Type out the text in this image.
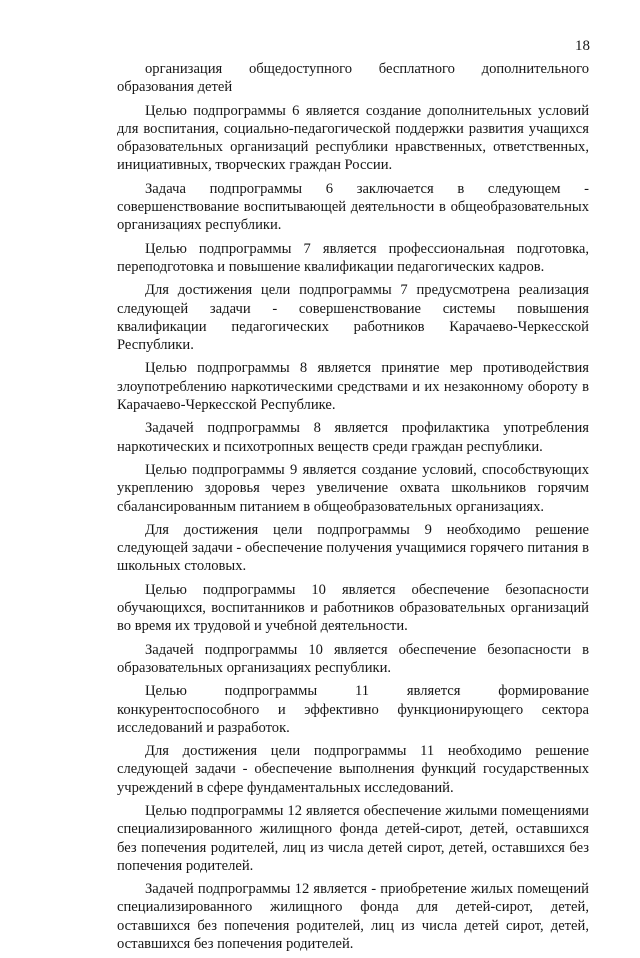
18

организация общедоступного бесплатного дополнительного образования детей

Целью подпрограммы 6 является создание дополнительных условий для воспитания, социально-педагогической поддержки развития учащихся образовательных организаций республики нравственных, ответственных, инициативных, творческих граждан России.

Задача подпрограммы 6 заключается в следующем - совершенствование воспитывающей деятельности в общеобразовательных организациях республики.

Целью подпрограммы 7 является профессиональная подготовка, переподготовка и повышение квалификации педагогических кадров.

Для достижения цели подпрограммы 7 предусмотрена реализация следующей задачи - совершенствование системы повышения квалификации педагогических работников Карачаево-Черкесской Республики.

Целью подпрограммы 8 является принятие мер противодействия злоупотреблению наркотическими средствами и их незаконному обороту в Карачаево-Черкесской Республике.

Задачей подпрограммы 8 является профилактика употребления наркотических и психотропных веществ среди граждан республики.

Целью подпрограммы 9 является создание условий, способствующих укреплению здоровья через увеличение охвата школьников горячим сбалансированным питанием в общеобразовательных организациях.

Для достижения цели подпрограммы 9 необходимо решение следующей задачи - обеспечение получения учащимися горячего питания в школьных столовых.

Целью подпрограммы 10 является обеспечение безопасности обучающихся, воспитанников и работников образовательных организаций во время их трудовой и учебной деятельности.

Задачей подпрограммы 10 является обеспечение безопасности в образовательных организациях республики.

Целью подпрограммы 11 является формирование конкурентоспособного и эффективно функционирующего сектора исследований и разработок.

Для достижения цели подпрограммы 11 необходимо решение следующей задачи - обеспечение выполнения функций государственных учреждений в сфере фундаментальных исследований.

Целью подпрограммы 12 является обеспечение жилыми помещениями специализированного жилищного фонда детей-сирот, детей, оставшихся без попечения родителей, лиц из числа детей сирот, детей, оставшихся без попечения родителей.

Задачей подпрограммы 12 является - приобретение жилых помещений специализированного жилищного фонда для детей-сирот, детей, оставшихся без попечения родителей, лиц из числа детей сирот, детей, оставшихся без попечения родителей.
